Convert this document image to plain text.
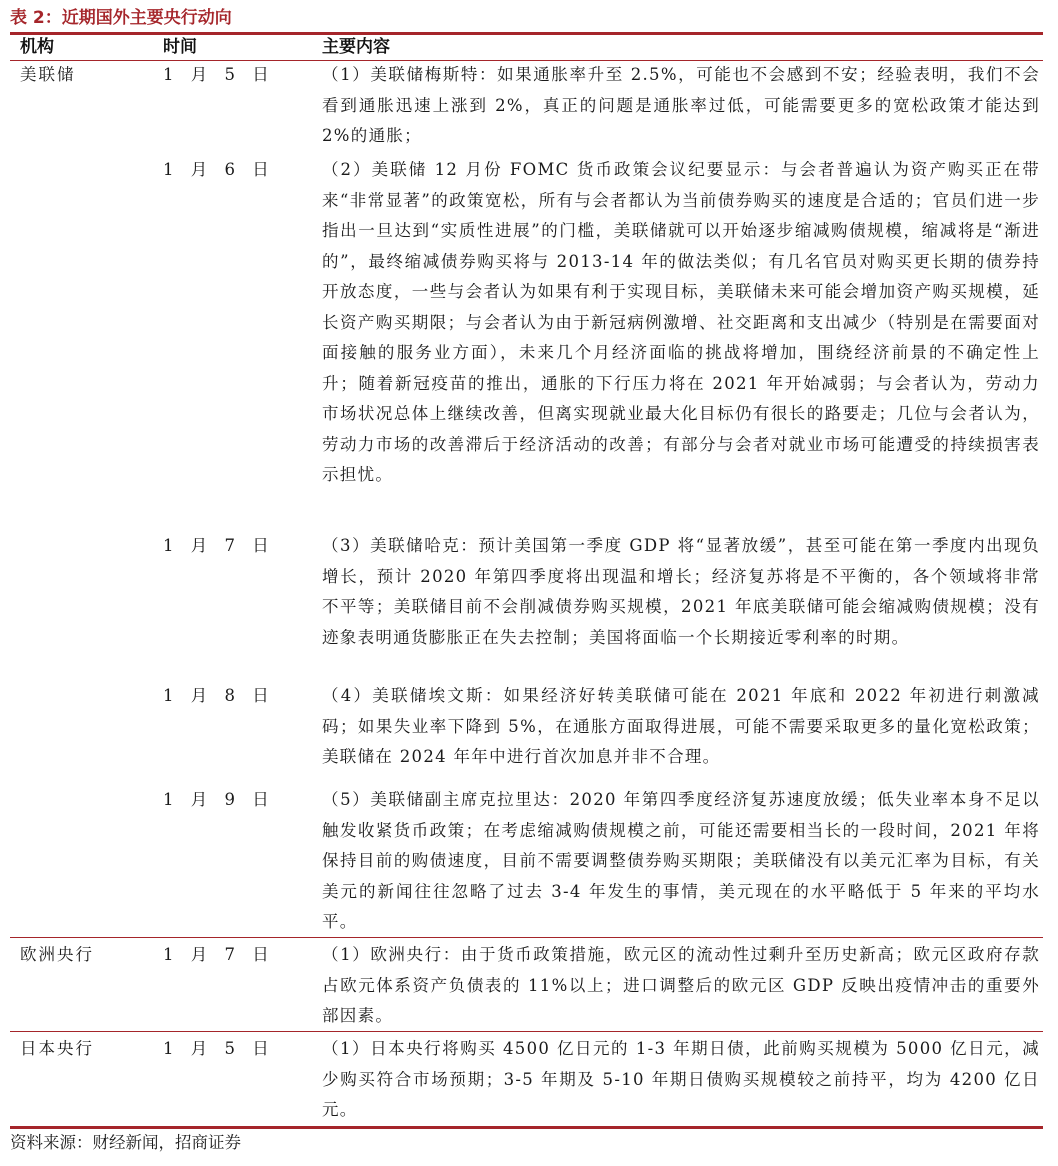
表 2：近期国外主要央行动向
机构	时间	主要内容
美联储	1 月 5 日	（1）美联储梅斯特：如果通胀率升至 2.5%，可能也不会感到不安；经验表明，我们不会看到通胀迅速上涨到 2%，真正的问题是通胀率过低，可能需要更多的宽松政策才能达到 2%的通胀；
1 月 6 日	（2）美联储 12 月份 FOMC 货币政策会议纪要显示：与会者普遍认为资产购买正在带来“非常显著”的政策宽松，所有与会者都认为当前债券购买的速度是合适的；官员们进一步指出一旦达到“实质性进展”的门槛，美联储就可以开始逐步缩减购债规模，缩减将是“渐进的”，最终缩减债券购买将与 2013-14 年的做法类似；有几名官员对购买更长期的债券持开放态度，一些与会者认为如果有利于实现目标，美联储未来可能会增加资产购买规模，延长资产购买期限；与会者认为由于新冠病例激增、社交距离和支出减少（特别是在需要面对面接触的服务业方面），未来几个月经济面临的挑战将增加，围绕经济前景的不确定性上升；随着新冠疫苗的推出，通胀的下行压力将在 2021 年开始减弱；与会者认为，劳动力市场状况总体上继续改善，但离实现就业最大化目标仍有很长的路要走；几位与会者认为，劳动力市场的改善滞后于经济活动的改善；有部分与会者对就业市场可能遭受的持续损害表示担忧。
1 月 7 日	（3）美联储哈克：预计美国第一季度 GDP 将“显著放缓”，甚至可能在第一季度内出现负增长，预计 2020 年第四季度将出现温和增长；经济复苏将是不平衡的，各个领域将非常不平等；美联储目前不会削减债券购买规模，2021 年底美联储可能会缩减购债规模；没有迹象表明通货膨胀正在失去控制；美国将面临一个长期接近零利率的时期。
1 月 8 日	（4）美联储埃文斯：如果经济好转美联储可能在 2021 年底和 2022 年初进行刺激减码；如果失业率下降到 5%，在通胀方面取得进展，可能不需要采取更多的量化宽松政策；美联储在 2024 年年中进行首次加息并非不合理。
1 月 9 日	（5）美联储副主席克拉里达：2020 年第四季度经济复苏速度放缓；低失业率本身不足以触发收紧货币政策；在考虑缩减购债规模之前，可能还需要相当长的一段时间，2021 年将保持目前的购债速度，目前不需要调整债券购买期限；美联储没有以美元汇率为目标，有关美元的新闻往往忽略了过去 3-4 年发生的事情，美元现在的水平略低于 5 年来的平均水平。
欧洲央行	1 月 7 日	（1）欧洲央行：由于货币政策措施，欧元区的流动性过剩升至历史新高；欧元区政府存款占欧元体系资产负债表的 11%以上；进口调整后的欧元区 GDP 反映出疫情冲击的重要外部因素。
日本央行	1 月 5 日	（1）日本央行将购买 4500 亿日元的 1-3 年期日债，此前购买规模为 5000 亿日元，减少购买符合市场预期；3-5 年期及 5-10 年期日债购买规模较之前持平，均为 4200 亿日元。
资料来源：财经新闻，招商证券
